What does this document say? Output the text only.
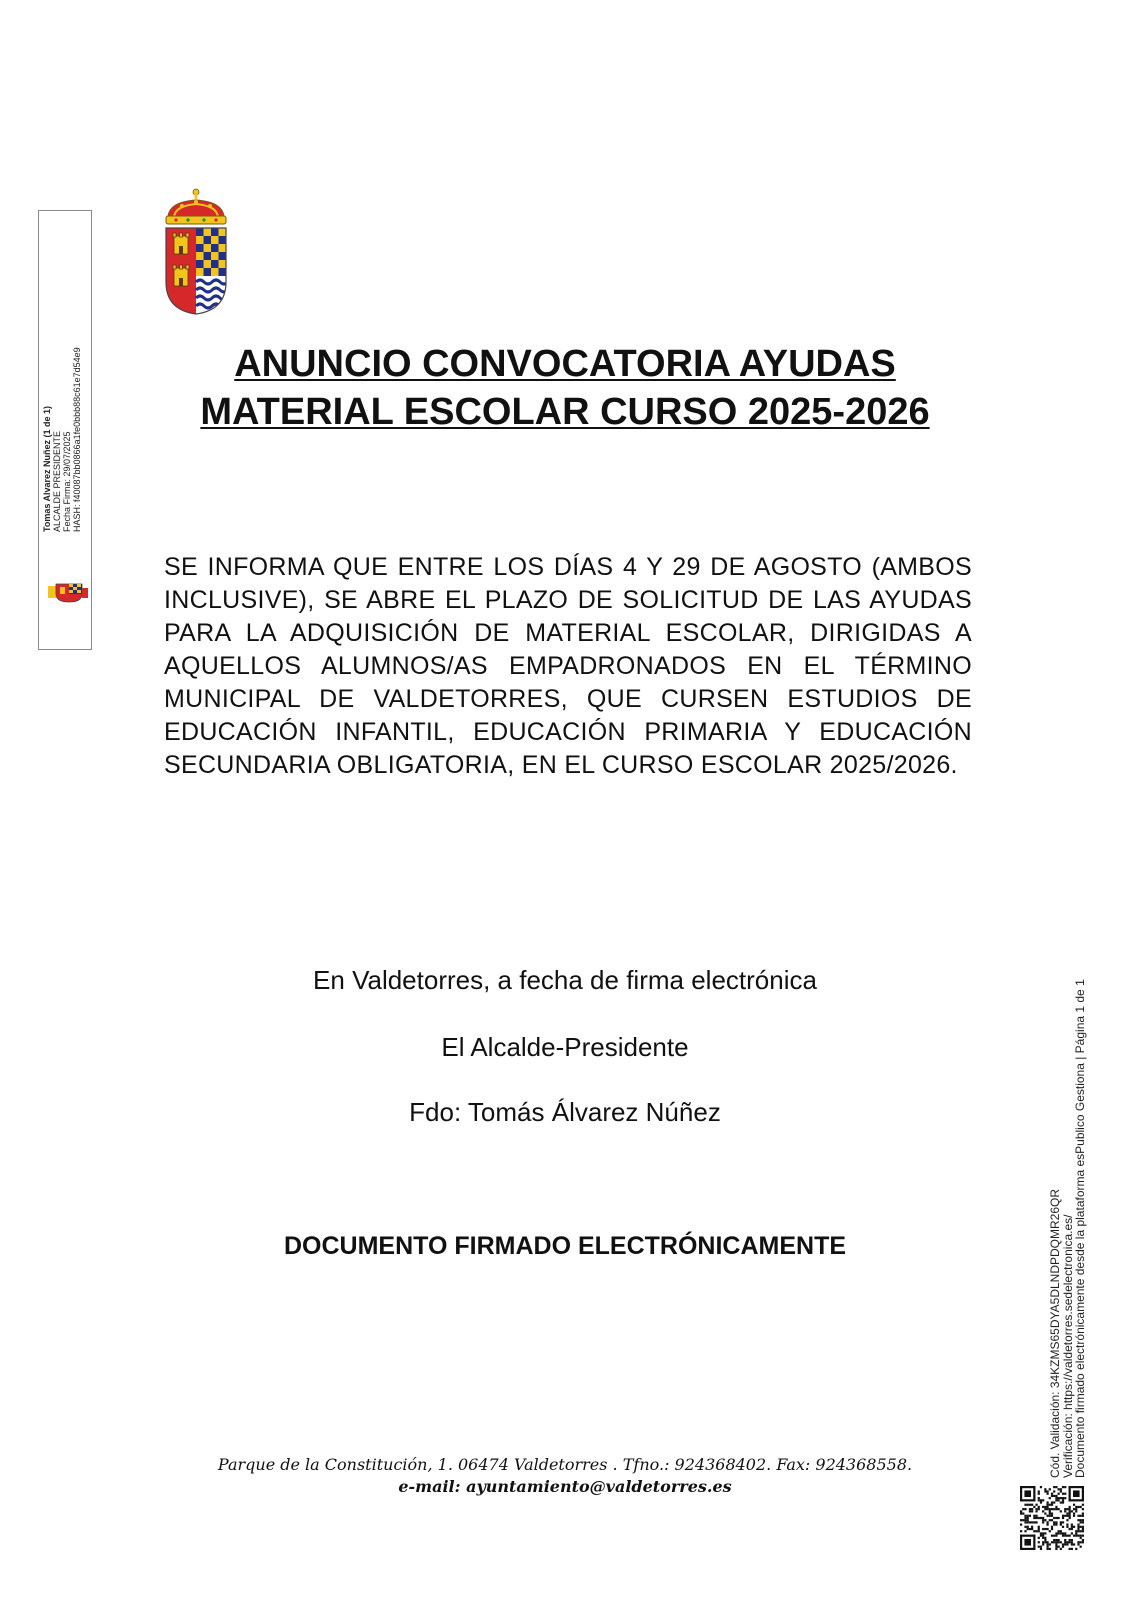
ANUNCIO CONVOCATORIA AYUDAS
MATERIAL ESCOLAR CURSO 2025-2026
SE INFORMA QUE ENTRE LOS DÍAS 4 Y 29 DE AGOSTO (AMBOS INCLUSIVE), SE ABRE EL PLAZO DE SOLICITUD DE LAS AYUDAS PARA LA ADQUISICIÓN DE MATERIAL ESCOLAR, DIRIGIDAS A AQUELLOS ALUMNOS/AS EMPADRONADOS EN EL TÉRMINO MUNICIPAL DE VALDETORRES, QUE CURSEN ESTUDIOS DE EDUCACIÓN INFANTIL, EDUCACIÓN PRIMARIA Y EDUCACIÓN SECUNDARIA OBLIGATORIA, EN EL CURSO ESCOLAR 2025/2026.
En Valdetorres, a fecha de firma electrónica
El Alcalde-Presidente
Fdo: Tomás Álvarez Núñez
DOCUMENTO FIRMADO ELECTRÓNICAMENTE
Parque de la Constitución, 1. 06474 Valdetorres . Tfno.: 924368402. Fax: 924368558.
e-mail: ayuntamiento@valdetorres.es
Tomas Alvarez Nuñez (1 de 1) ALCALDE PRESIDENTE Fecha Firma: 29/07/2025 HASH: f40087bb0866a1fe0bbb88c61e7d54e9
Cód. Validación: 34KZMS65DYA5DLNDPDQMR26QR
Verificación: https://valdetorres.sedelectronica.es/
Documento firmado electrónicamente desde la plataforma esPublico Gestiona | Página 1 de 1
